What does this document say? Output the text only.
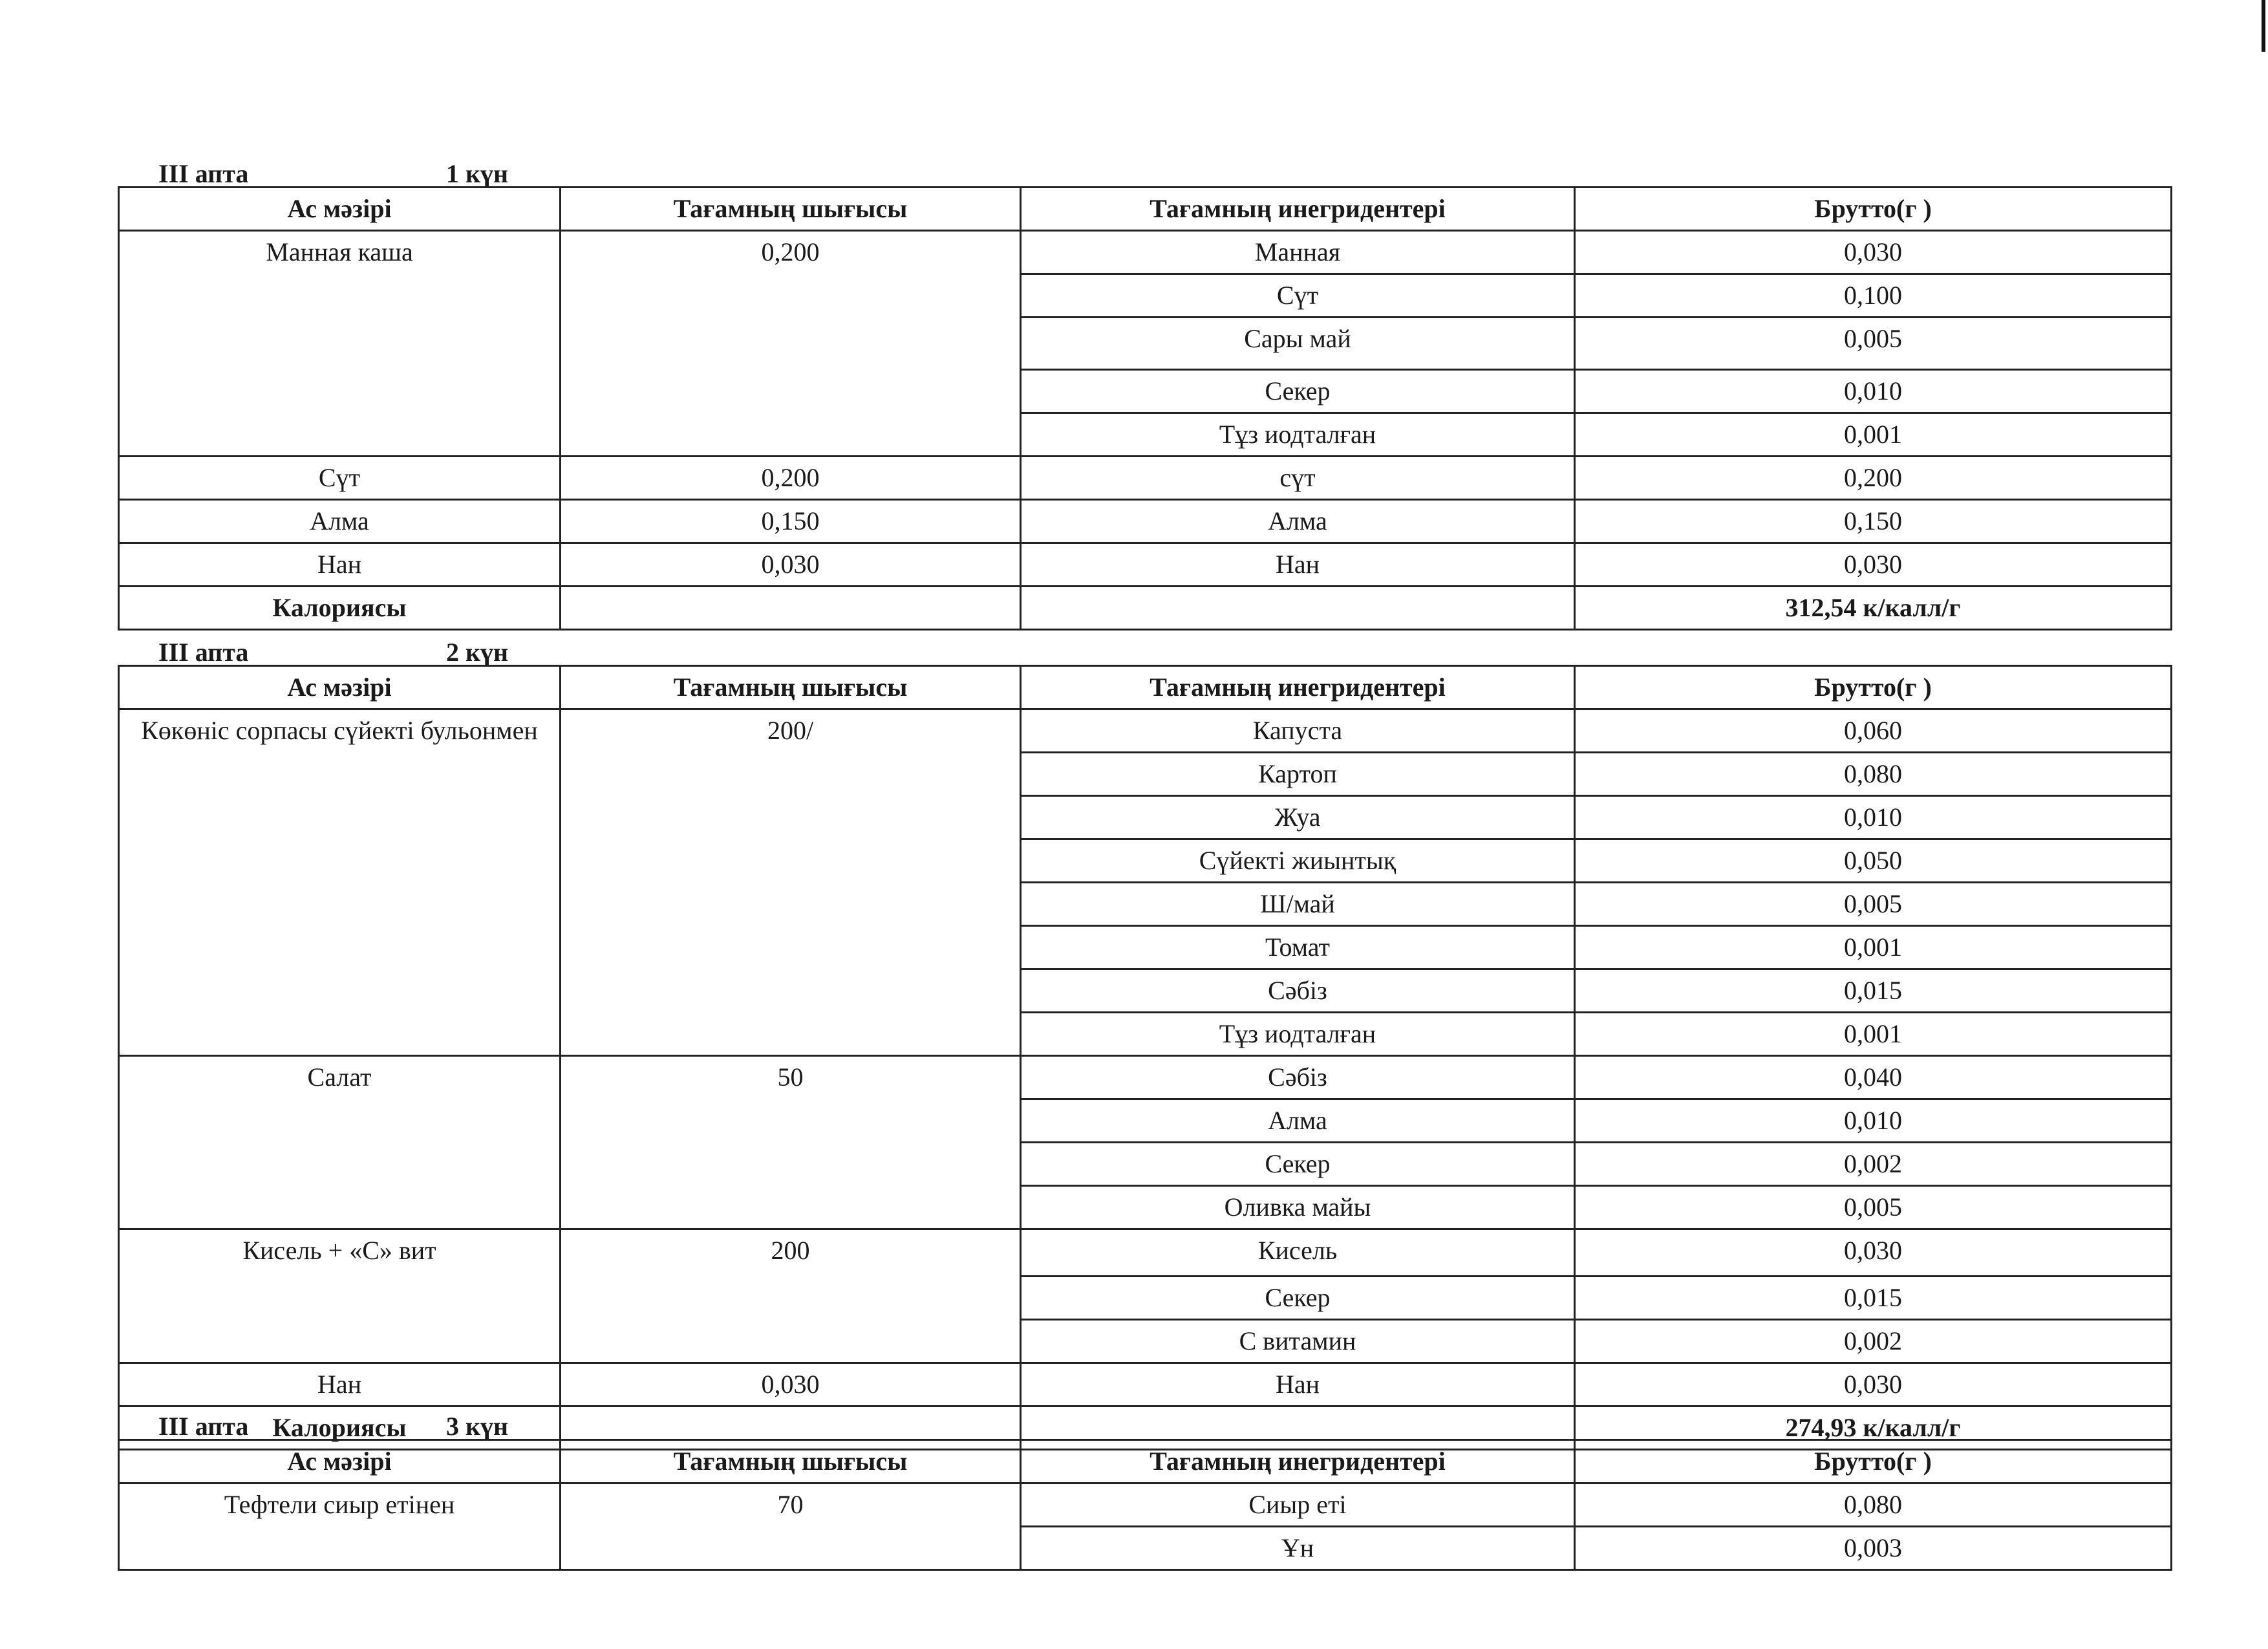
III апта	1 күн
Ас мәзірі	Тағамның шығысы	Тағамның инегридентері	Брутто(г )
Манная каша	0,200	Манная	0,030
		Сүт	0,100
		Сары май	0,005
		Секер	0,010
		Тұз иодталған	0,001
Сүт	0,200	сүт	0,200
Алма	0,150	Алма	0,150
Нан	0,030	Нан	0,030
Калориясы			312,54 к/калл/г
III апта	2 күн
Ас мәзірі	Тағамның шығысы	Тағамның инегридентері	Брутто(г )
Көкөніс сорпасы сүйекті бульонмен	200/	Капуста	0,060
		Картоп	0,080
		Жуа	0,010
		Сүйекті жиынтық	0,050
		Ш/май	0,005
		Томат	0,001
		Сәбіз	0,015
		Тұз иодталған	0,001
Салат	50	Сәбіз	0,040
		Алма	0,010
		Секер	0,002
		Оливка майы	0,005
Кисель + «С» вит	200	Кисель	0,030
		Секер	0,015
		С витамин	0,002
Нан	0,030	Нан	0,030
Калориясы			274,93 к/калл/г
III апта	3 күн
Ас мәзірі	Тағамның шығысы	Тағамның инегридентері	Брутто(г )
Тефтели сиыр етінен	70	Сиыр еті	0,080
		Ұн	0,003
